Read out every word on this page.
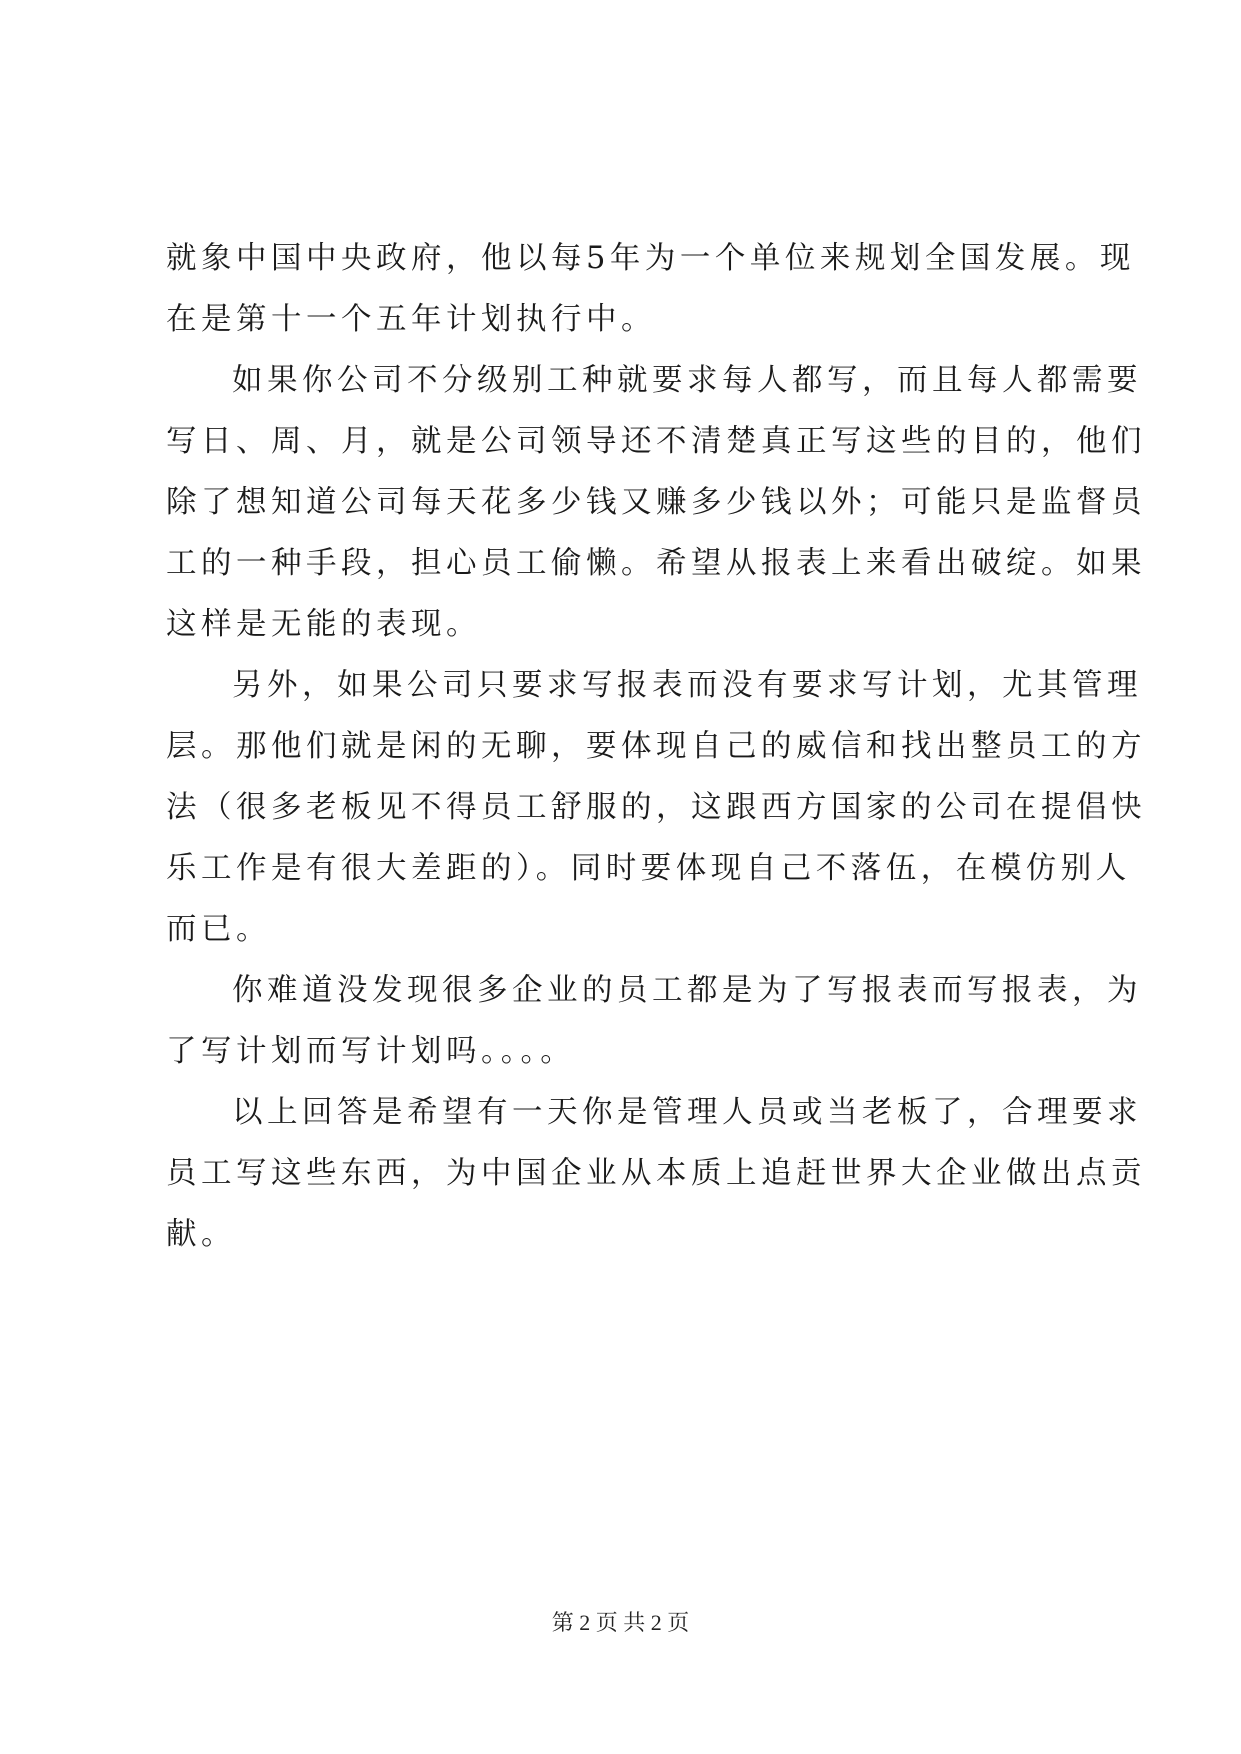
就象中国中央政府，他以每5年为一个单位来规划全国发展。现
在是第十一个五年计划执行中。
如果你公司不分级别工种就要求每人都写，而且每人都需要
写日、周、月，就是公司领导还不清楚真正写这些的目的，他们
除了想知道公司每天花多少钱又赚多少钱以外；可能只是监督员
工的一种手段，担心员工偷懒。希望从报表上来看出破绽。如果
这样是无能的表现。
另外，如果公司只要求写报表而没有要求写计划，尤其管理
层。那他们就是闲的无聊，要体现自己的威信和找出整员工的方
法（很多老板见不得员工舒服的，这跟西方国家的公司在提倡快
乐工作是有很大差距的）。同时要体现自己不落伍，在模仿别人
而已。
你难道没发现很多企业的员工都是为了写报表而写报表，为
了写计划而写计划吗。。。。
以上回答是希望有一天你是管理人员或当老板了，合理要求
员工写这些东西，为中国企业从本质上追赶世界大企业做出点贡
献。
第 2 页 共 2 页
